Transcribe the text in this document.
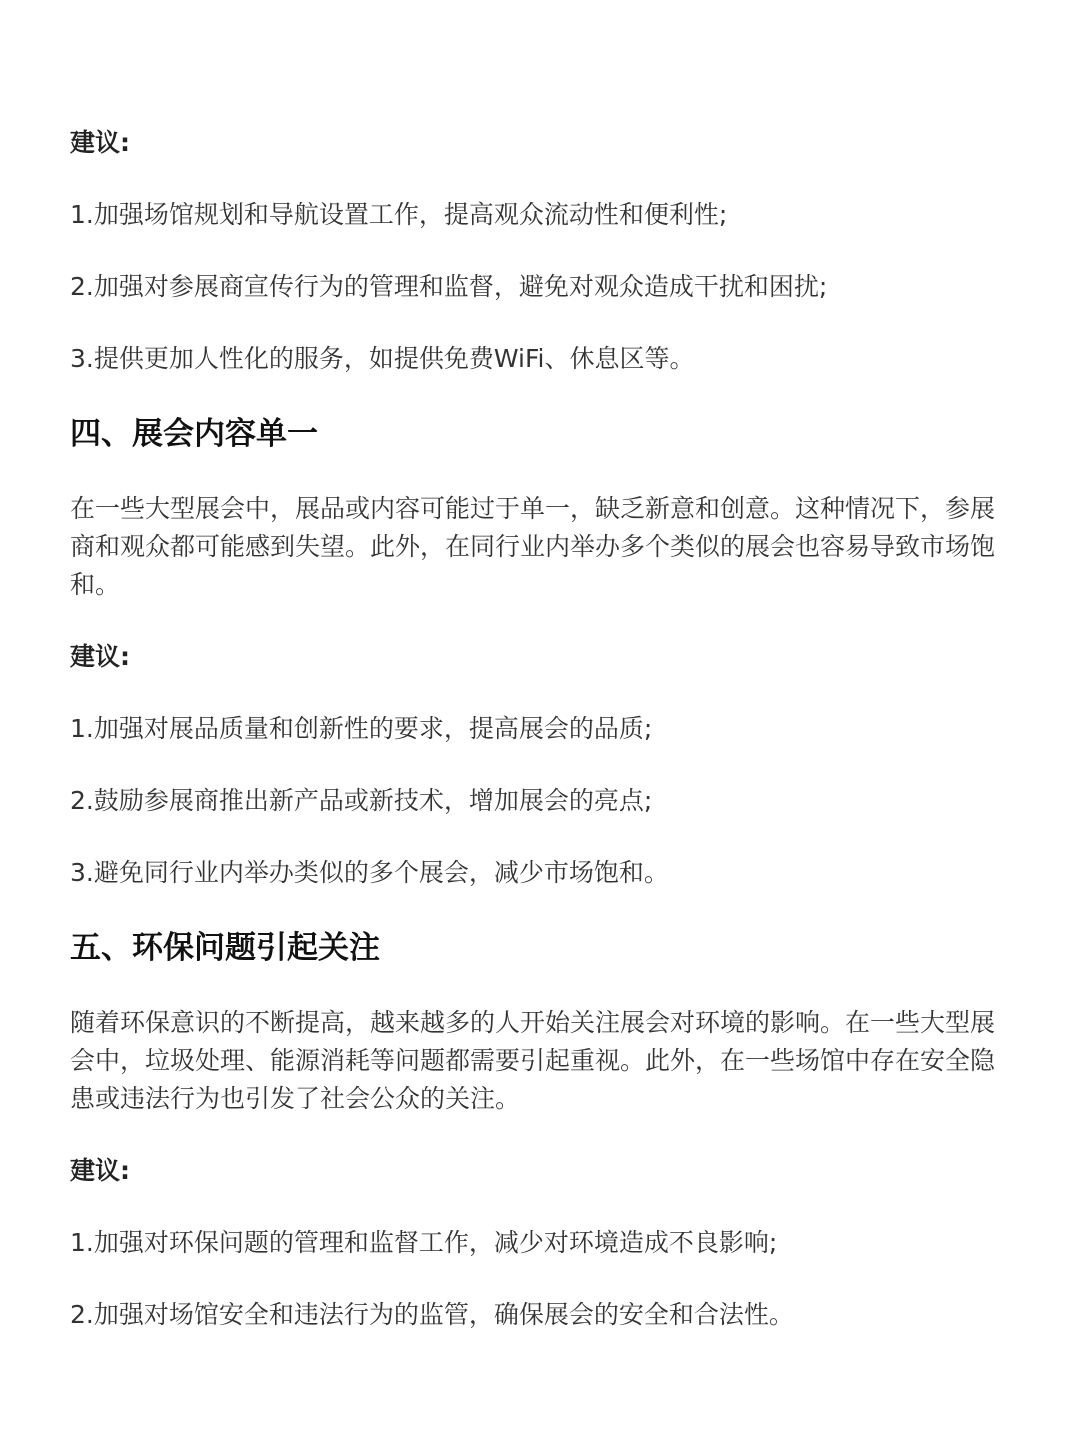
建议:
1.加强场馆规划和导航设置工作，提高观众流动性和便利性;
2.加强对参展商宣传行为的管理和监督，避免对观众造成干扰和困扰;
3.提供更加人性化的服务，如提供免费WiFi、休息区等。
四、展会内容单一
在一些大型展会中，展品或内容可能过于单一，缺乏新意和创意。这种情况下，参展商和观众都可能感到失望。此外，在同行业内举办多个类似的展会也容易导致市场饱和。
建议:
1.加强对展品质量和创新性的要求，提高展会的品质;
2.鼓励参展商推出新产品或新技术，增加展会的亮点;
3.避免同行业内举办类似的多个展会，减少市场饱和。
五、环保问题引起关注
随着环保意识的不断提高，越来越多的人开始关注展会对环境的影响。在一些大型展会中，垃圾处理、能源消耗等问题都需要引起重视。此外，在一些场馆中存在安全隐患或违法行为也引发了社会公众的关注。
建议:
1.加强对环保问题的管理和监督工作，减少对环境造成不良影响;
2.加强对场馆安全和违法行为的监管，确保展会的安全和合法性。
